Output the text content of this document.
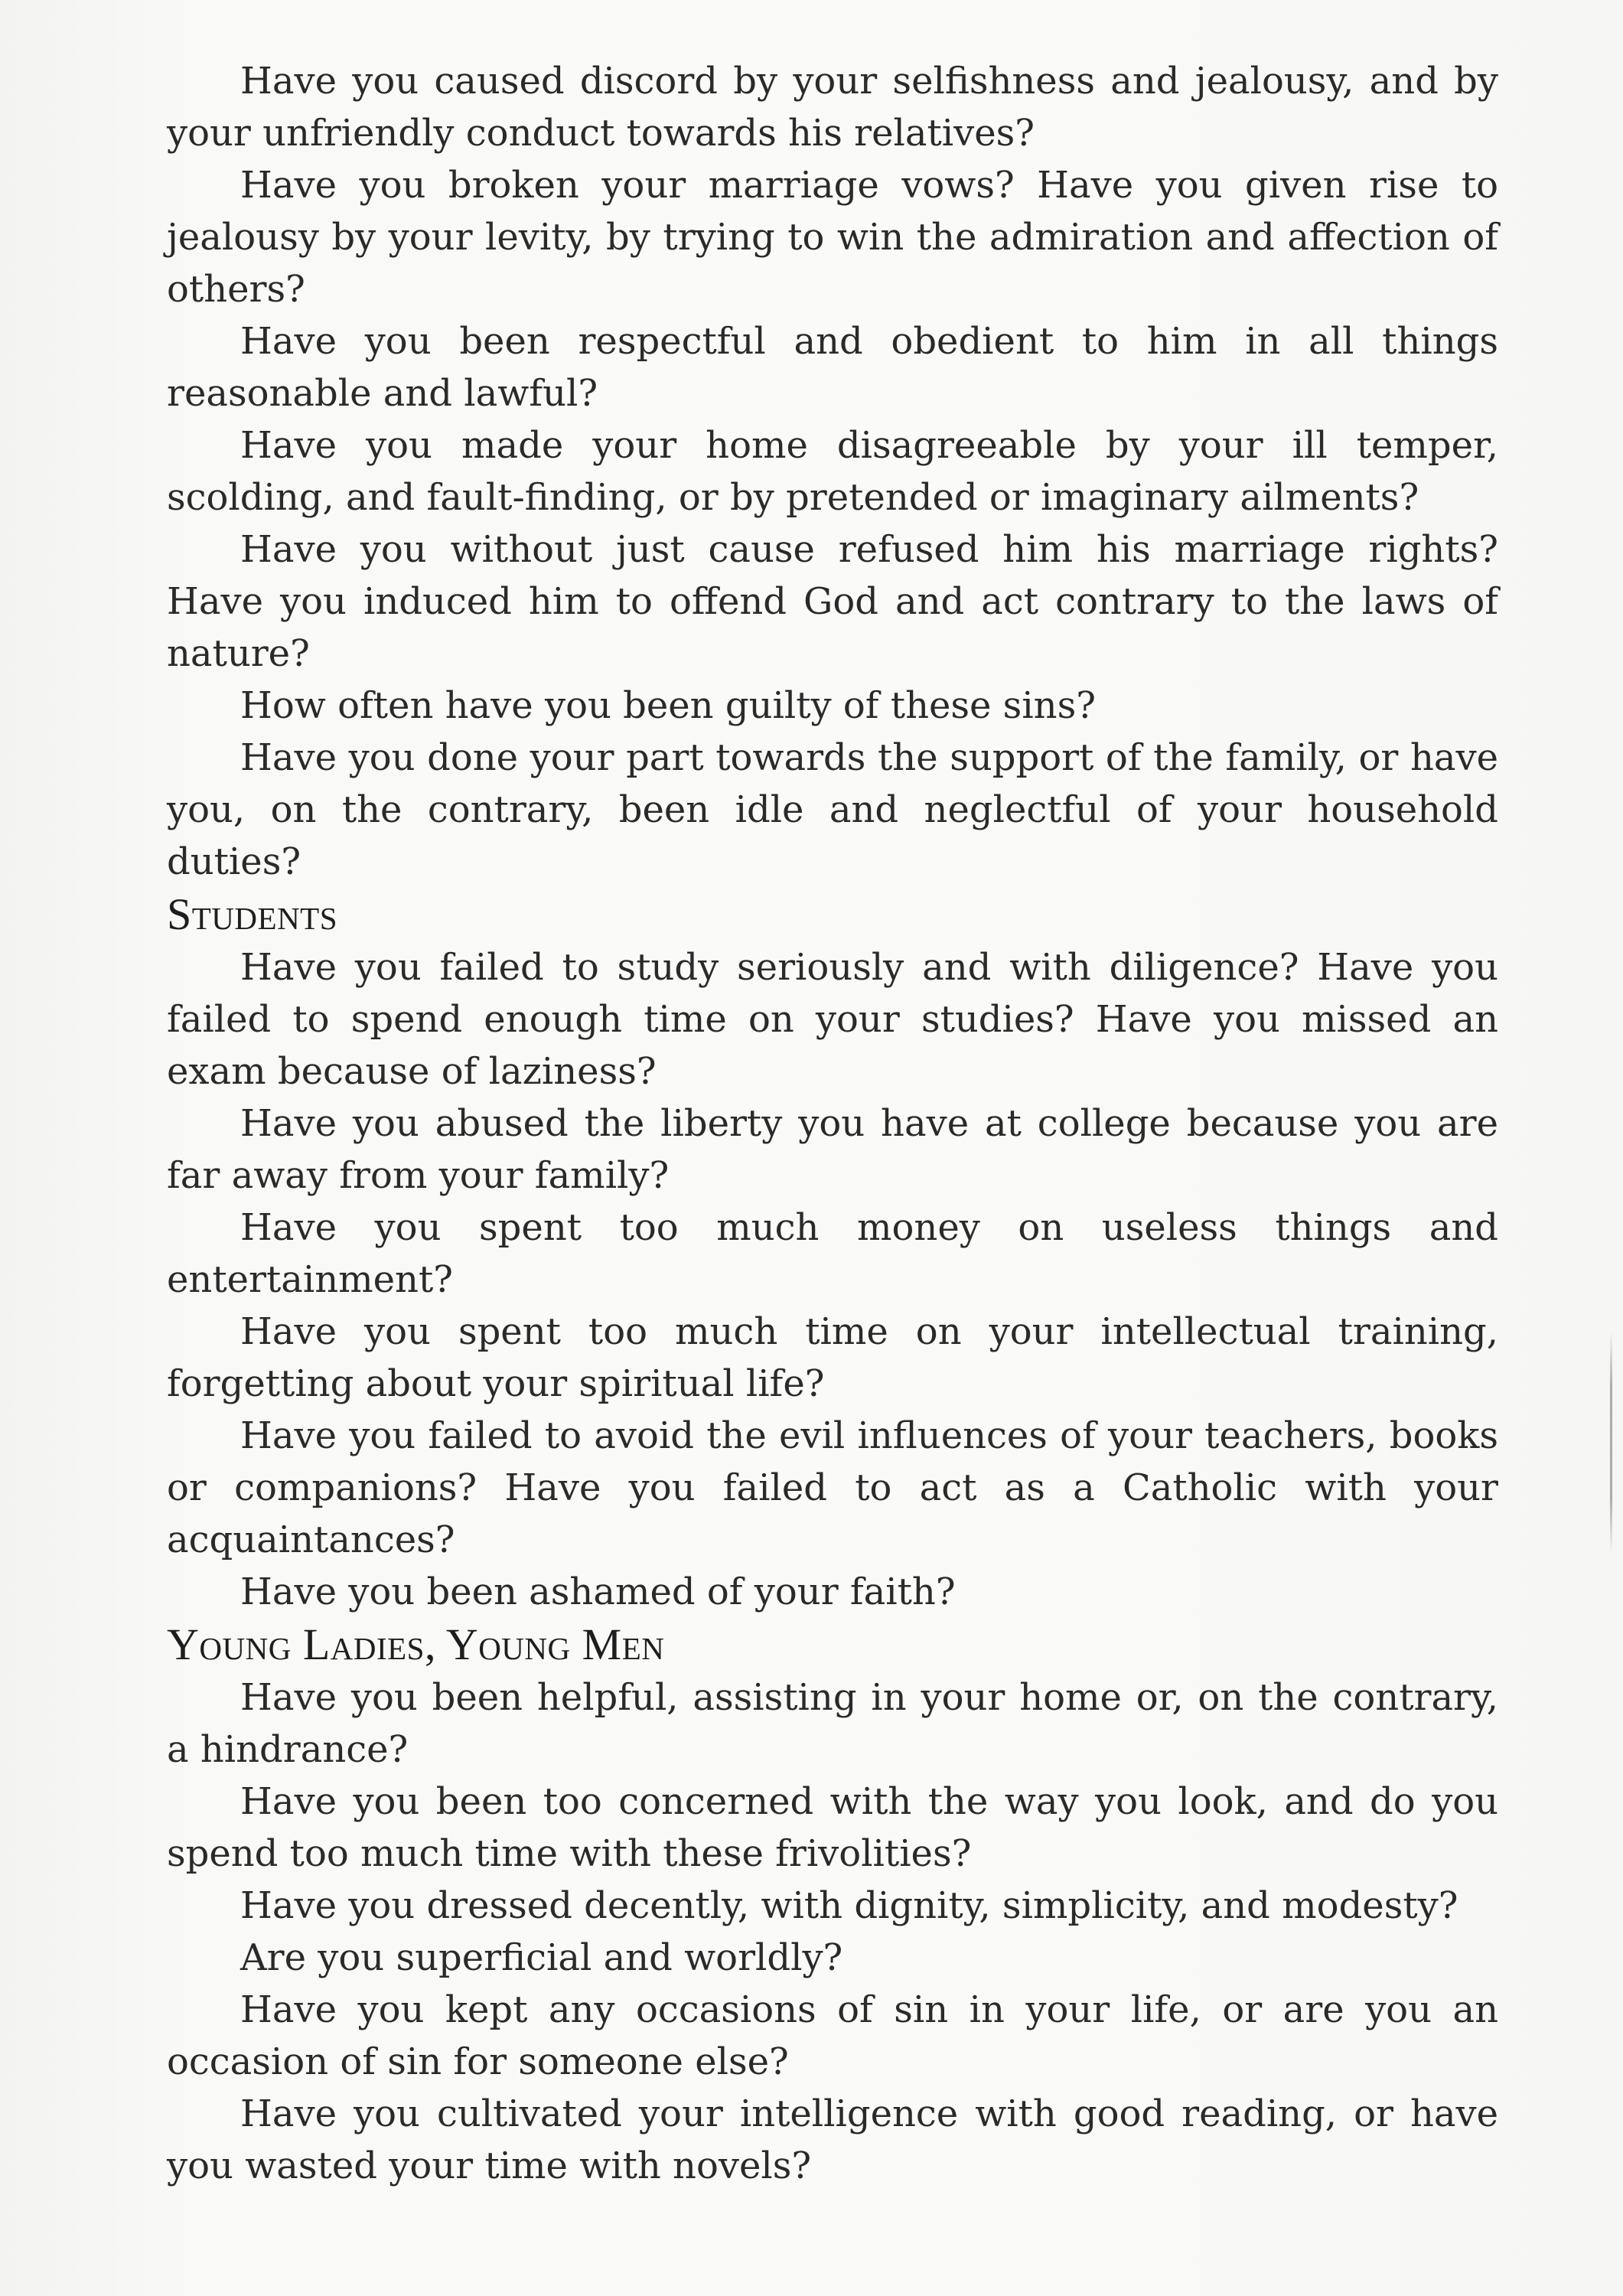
Have you caused discord by your selfishness and jealousy, and by your unfriendly conduct towards his relatives?

Have you broken your marriage vows? Have you given rise to jealousy by your levity, by trying to win the admiration and affection of others?

Have you been respectful and obedient to him in all things reasonable and lawful?

Have you made your home disagreeable by your ill temper, scolding, and fault-finding, or by pretended or imaginary ailments?

Have you without just cause refused him his marriage rights? Have you induced him to offend God and act contrary to the laws of nature?

How often have you been guilty of these sins?

Have you done your part towards the support of the family, or have you, on the contrary, been idle and neglectful of your household duties?

Students

Have you failed to study seriously and with diligence? Have you failed to spend enough time on your studies? Have you missed an exam because of laziness?

Have you abused the liberty you have at college because you are far away from your family?

Have you spent too much money on useless things and entertainment?

Have you spent too much time on your intellectual training, forgetting about your spiritual life?

Have you failed to avoid the evil influences of your teachers, books or companions? Have you failed to act as a Catholic with your acquaintances?

Have you been ashamed of your faith?

Young Ladies, Young Men

Have you been helpful, assisting in your home or, on the contrary, a hindrance?

Have you been too concerned with the way you look, and do you spend too much time with these frivolities?

Have you dressed decently, with dignity, simplicity, and modesty?

Are you superficial and worldly?

Have you kept any occasions of sin in your life, or are you an occasion of sin for someone else?

Have you cultivated your intelligence with good reading, or have you wasted your time with novels?
